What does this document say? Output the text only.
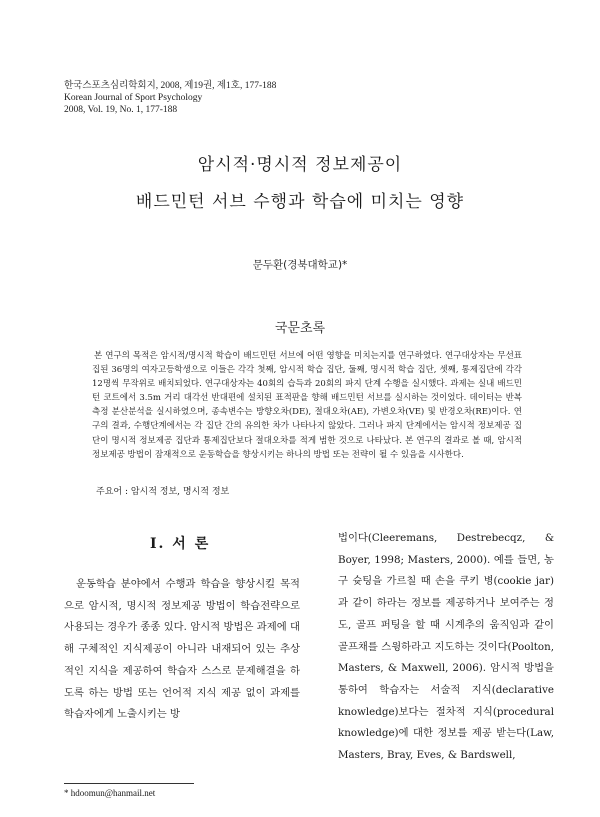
한국스포츠심리학회지, 2008, 제19권, 제1호, 177-188
Korean Journal of Sport Psychology
2008, Vol. 19, No. 1, 177-188
암시적·명시적 정보제공이
배드민턴 서브 수행과 학습에 미치는 영향
문두환(경북대학교)*
국문초록
본 연구의 목적은 암시적/명시적 학습이 배드민턴 서브에 어떤 영향을 미치는지를 연구하였다. 연구대상자는 무선표집된 36명의 여자고등학생으로 이들은 각각 첫째, 암시적 학습 집단, 둘째, 명시적 학습 집단, 셋째, 통제집단에 각각 12명씩 무작위로 배치되었다. 연구대상자는 40회의 습득과 20회의 파지 단계 수행을 실시했다. 과제는 실내 배드민턴 코트에서 3.5m 거리 대각선 반대편에 설치된 표적판을 향해 배드민턴 서브를 실시하는 것이었다. 데이터는 반복측정 분산분석을 실시하였으며, 종속변수는 방향오차(DE), 절대오차(AE), 가변오차(VE) 및 반경오차(RE)이다. 연구의 결과, 수행단계에서는 각 집단 간의 유의한 차가 나타나지 않았다. 그러나 파지 단계에서는 암시적 정보제공 집단이 명시적 정보제공 집단과 통제집단보다 절대오차를 적게 범한 것으로 나타났다. 본 연구의 결과로 볼 때, 암시적 정보제공 방법이 잠재적으로 운동학습을 향상시키는 하나의 방법 또는 전략이 될 수 있음을 시사한다.
주요어 : 암시적 정보, 명시적 정보
Ⅰ. 서 론
운동학습 분야에서 수행과 학습을 향상시킬 목적으로 암시적, 명시적 정보제공 방법이 학습전략으로 사용되는 경우가 종종 있다. 암시적 방법은 과제에 대해 구체적인 지식제공이 아니라 내재되어 있는 추상적인 지식을 제공하여 학습자 스스로 문제해결을 하도록 하는 방법 또는 언어적 지식 제공 없이 과제를 학습자에게 노출시키는 방
법이다(Cleeremans, Destrebecqz, & Boyer, 1998; Masters, 2000). 예를 들면, 농구 슛팅을 가르칠 때 손을 쿠키 병(cookie jar)과 같이 하라는 정보를 제공하거나 보여주는 정도, 골프 퍼팅을 할 때 시계추의 움직임과 같이 골프채를 스윙하라고 지도하는 것이다(Poolton, Masters, & Maxwell, 2006). 암시적 방법을 통하여 학습자는 서술적 지식(declarative knowledge)보다는 절차적 지식(procedural knowledge)에 대한 정보를 제공 받는다(Law, Masters, Bray, Eves, & Bardswell,
* hdoomun@hanmail.net
